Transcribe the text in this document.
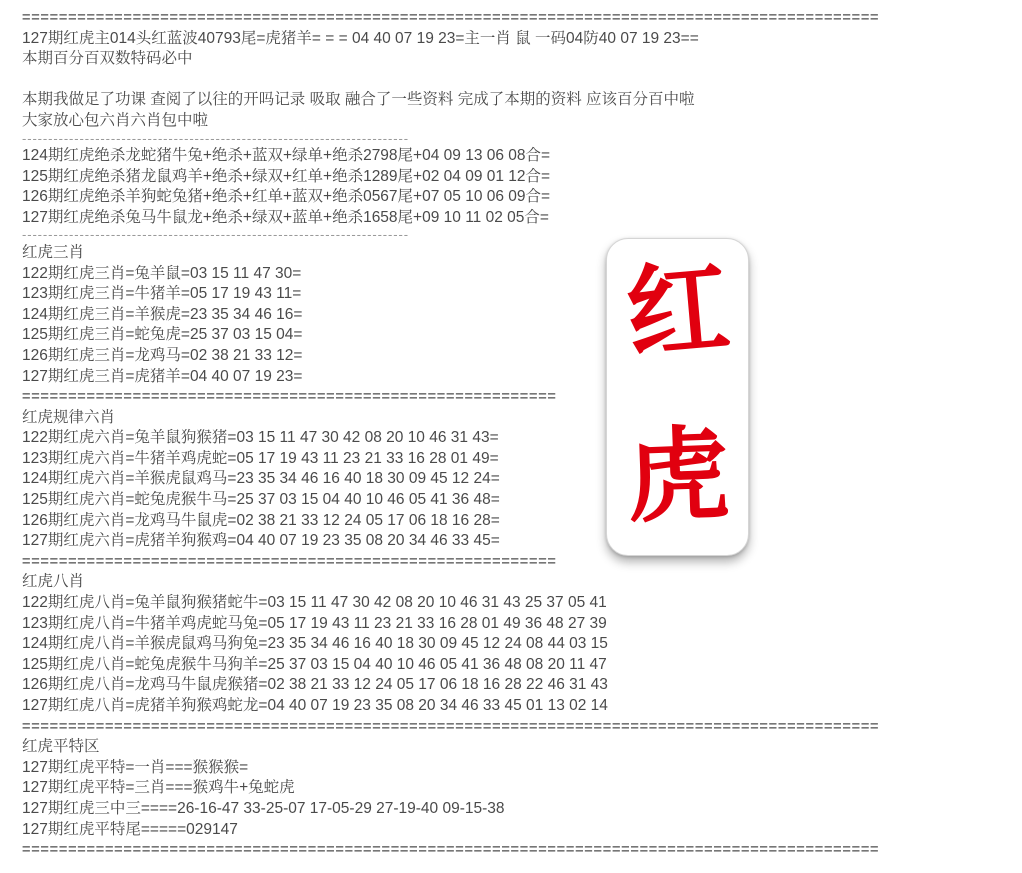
=============================================================================================
127期红虎主014头红蓝波40793尾=虎猪羊= = = 04 40 07 19 23=主一肖 鼠 一码04防40 07 19 23==
本期百分百双数特码必中

本期我做足了功课 查阅了以往的开吗记录 吸取 融合了一些资料 完成了本期的资料 应该百分百中啦
大家放心包六肖六肖包中啦
--------------------------------------------------------------------------
124期红虎绝杀龙蛇猪牛兔+绝杀+蓝双+绿单+绝杀2798尾+04 09 13 06 08合=
125期红虎绝杀猪龙鼠鸡羊+绝杀+绿双+红单+绝杀1289尾+02 04 09 01 12合=
126期红虎绝杀羊狗蛇兔猪+绝杀+红单+蓝双+绝杀0567尾+07 05 10 06 09合=
127期红虎绝杀兔马牛鼠龙+绝杀+绿双+蓝单+绝杀1658尾+09 10 11 02 05合=
--------------------------------------------------------------------------
红虎三肖
122期红虎三肖=兔羊鼠=03 15 11 47 30=
123期红虎三肖=牛猪羊=05 17 19 43 11=
124期红虎三肖=羊猴虎=23 35 34 46 16=
125期红虎三肖=蛇兔虎=25 37 03 15 04=
126期红虎三肖=龙鸡马=02 38 21 33 12=
127期红虎三肖=虎猪羊=04 40 07 19 23=
==========================================================
红虎规律六肖
122期红虎六肖=兔羊鼠狗猴猪=03 15 11 47 30 42 08 20 10 46 31 43=
123期红虎六肖=牛猪羊鸡虎蛇=05 17 19 43 11 23 21 33 16 28 01 49=
124期红虎六肖=羊猴虎鼠鸡马=23 35 34 46 16 40 18 30 09 45 12 24=
125期红虎六肖=蛇兔虎猴牛马=25 37 03 15 04 40 10 46 05 41 36 48=
126期红虎六肖=龙鸡马牛鼠虎=02 38 21 33 12 24 05 17 06 18 16 28=
127期红虎六肖=虎猪羊狗猴鸡=04 40 07 19 23 35 08 20 34 46 33 45=
==========================================================
红虎八肖
122期红虎八肖=兔羊鼠狗猴猪蛇牛=03 15 11 47 30 42 08 20 10 46 31 43 25 37 05 41
123期红虎八肖=牛猪羊鸡虎蛇马兔=05 17 19 43 11 23 21 33 16 28 01 49 36 48 27 39
124期红虎八肖=羊猴虎鼠鸡马狗兔=23 35 34 46 16 40 18 30 09 45 12 24 08 44 03 15
125期红虎八肖=蛇兔虎猴牛马狗羊=25 37 03 15 04 40 10 46 05 41 36 48 08 20 11 47
126期红虎八肖=龙鸡马牛鼠虎猴猪=02 38 21 33 12 24 05 17 06 18 16 28 22 46 31 43
127期红虎八肖=虎猪羊狗猴鸡蛇龙=04 40 07 19 23 35 08 20 34 46 33 45 01 13 02 14
=============================================================================================
红虎平特区
127期红虎平特=一肖===猴猴猴=
127期红虎平特=三肖===猴鸡牛+兔蛇虎
127期红虎三中三====26-16-47 33-25-07 17-05-29 27-19-40 09-15-38
127期红虎平特尾=====029147
=============================================================================================
红
虎
